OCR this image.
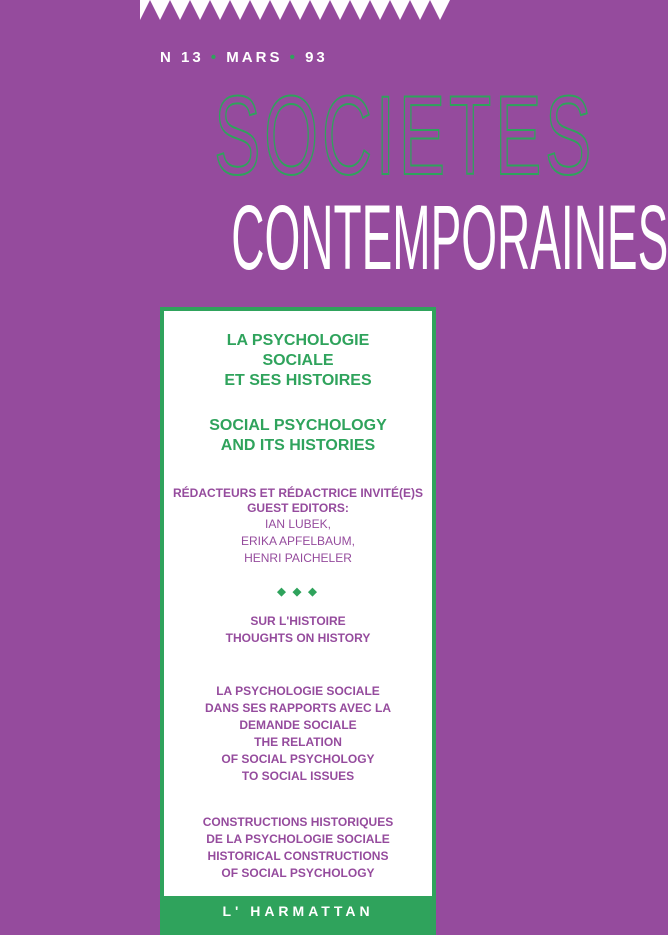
N 13 • MARS • 93
SOCIETES
CONTEMPORAINES
LA PSYCHOLOGIE
SOCIALE
ET SES HISTOIRES
SOCIAL PSYCHOLOGY
AND ITS HISTORIES
RÉDACTEURS ET RÉDACTRICE INVITÉ(E)S
GUEST EDITORS:
IAN LUBEK,
ERIKA APFELBAUM,
HENRI PAICHELER
◆ ◆ ◆
SUR L'HISTOIRE
THOUGHTS ON HISTORY
LA PSYCHOLOGIE SOCIALE
DANS SES RAPPORTS AVEC LA
DEMANDE SOCIALE
THE RELATION
OF SOCIAL PSYCHOLOGY
TO SOCIAL ISSUES
CONSTRUCTIONS HISTORIQUES
DE LA PSYCHOLOGIE SOCIALE
HISTORICAL CONSTRUCTIONS
OF SOCIAL PSYCHOLOGY
L' HARMATTAN
